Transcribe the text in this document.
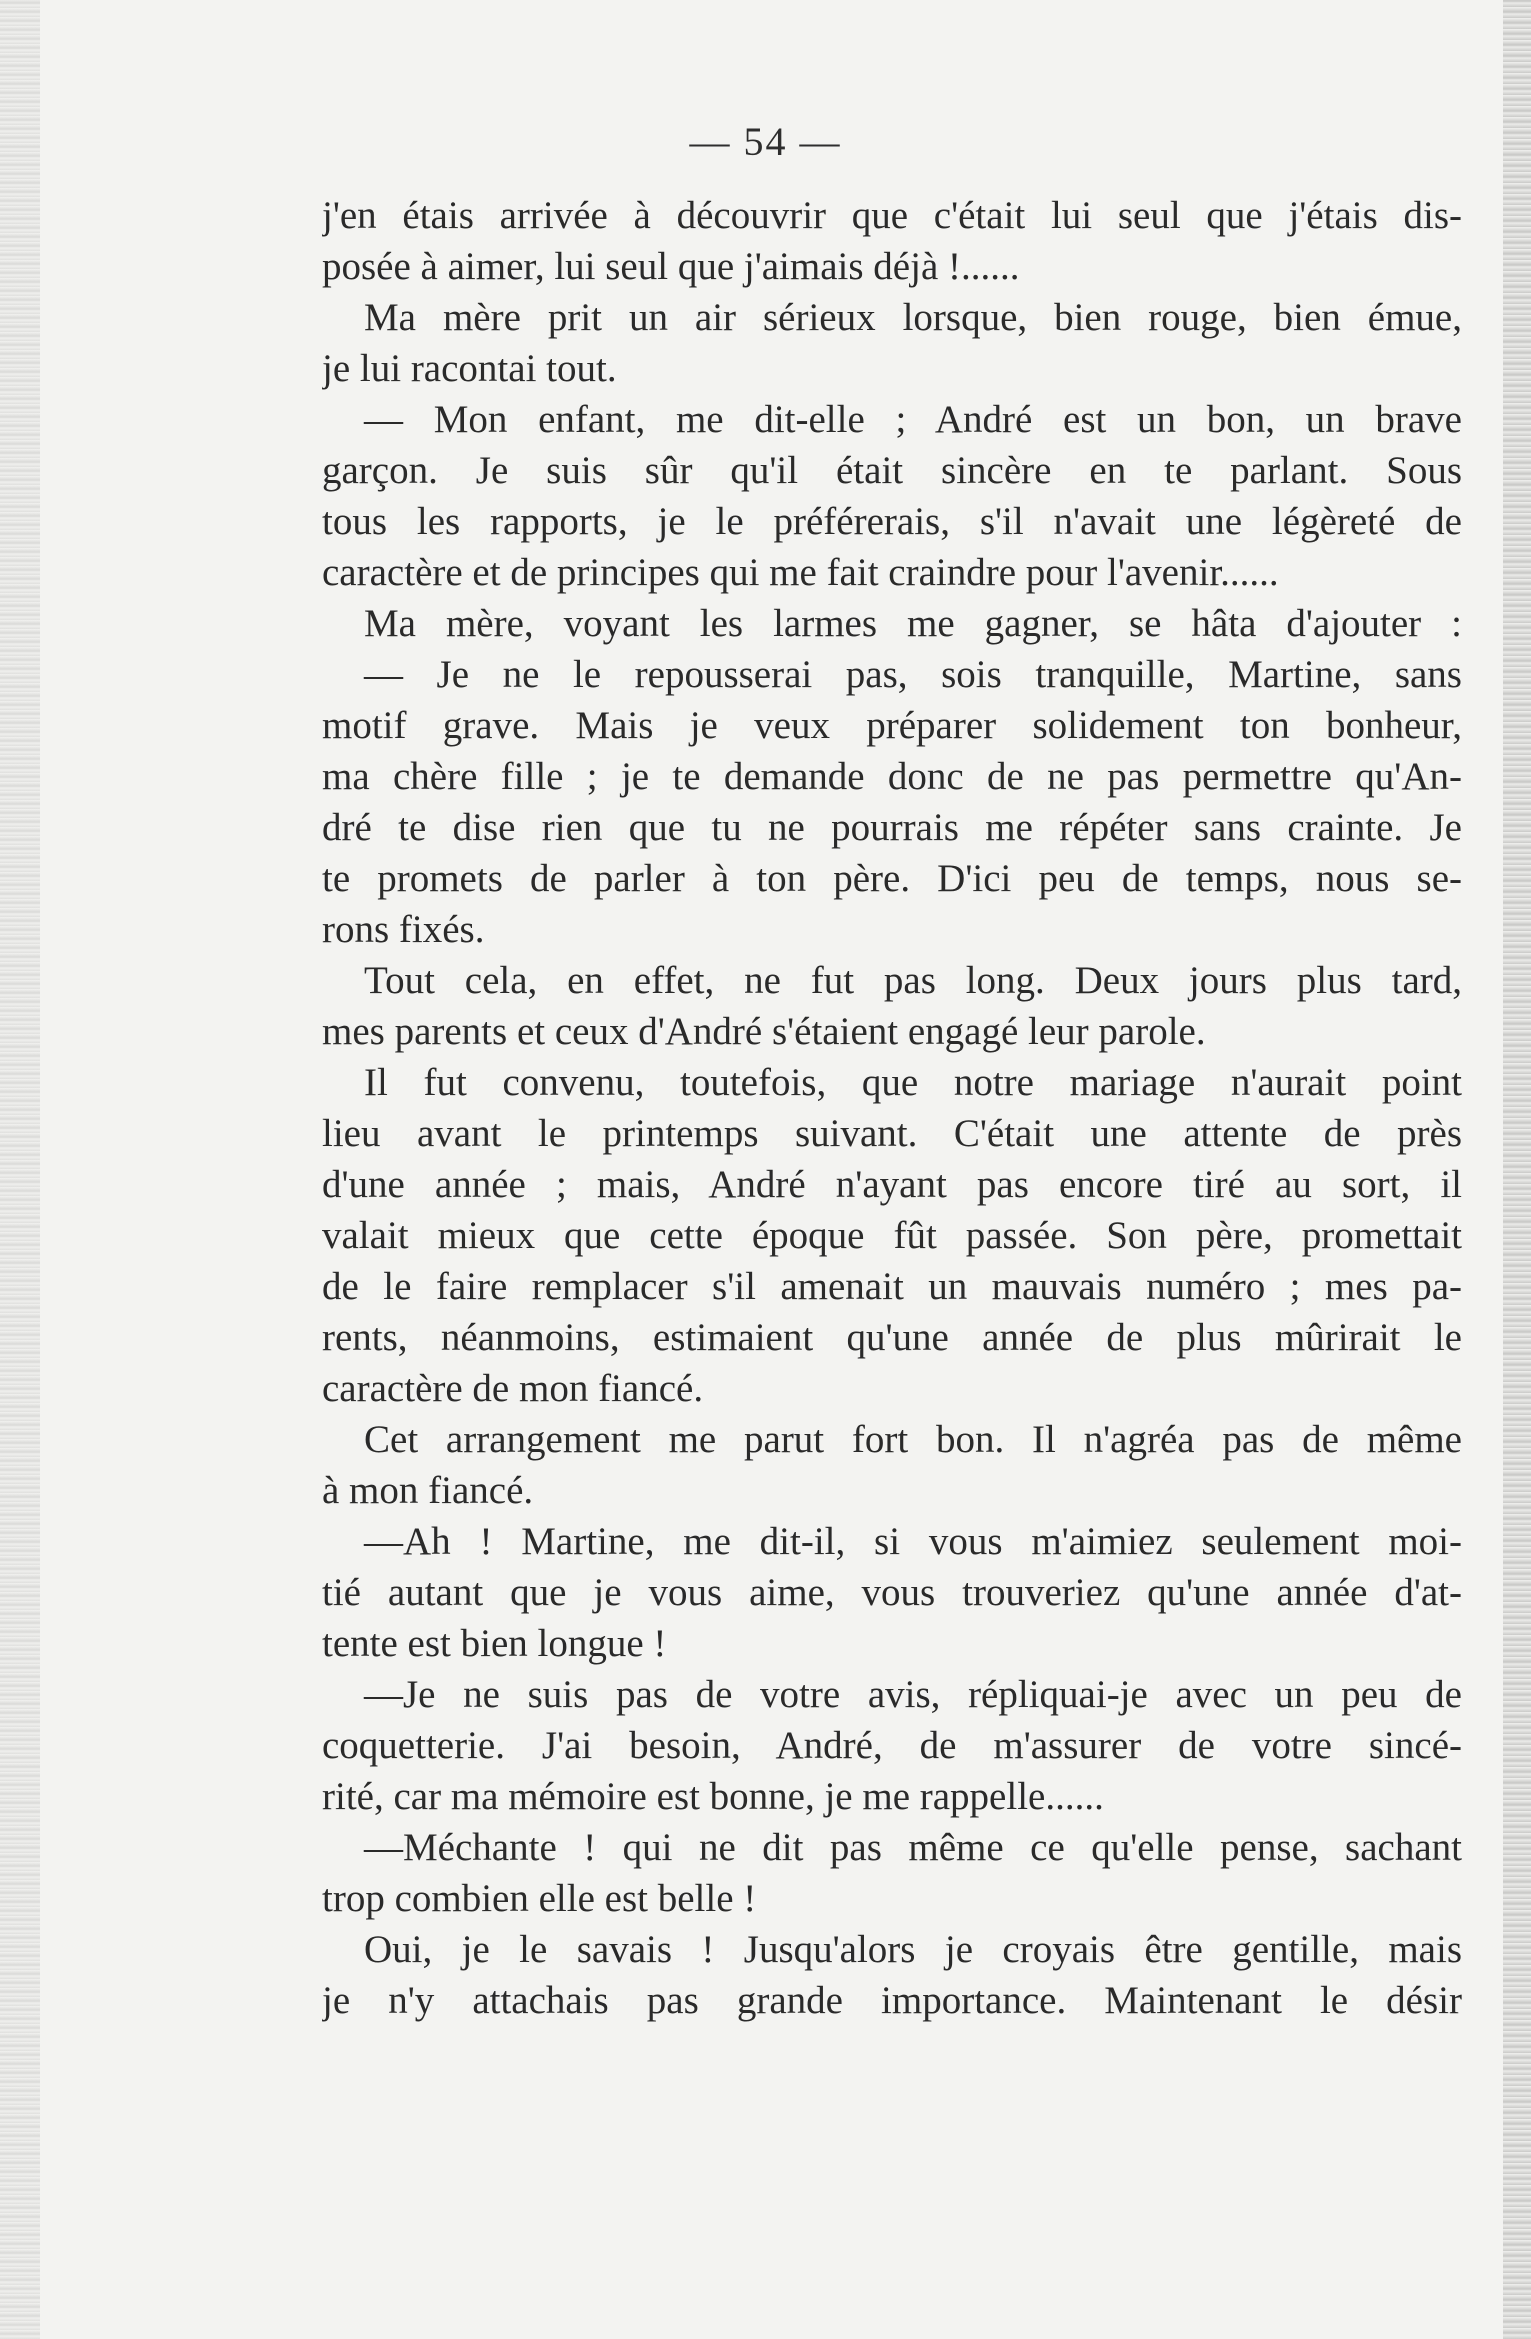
— 54 —
j'en étais arrivée à découvrir que c'était lui seul que j'étais dis-
posée à aimer, lui seul que j'aimais déjà !......
Ma mère prit un air sérieux lorsque, bien rouge, bien émue,
je lui racontai tout.
— Mon enfant, me dit-elle ; André est un bon, un brave
garçon. Je suis sûr qu'il était sincère en te parlant. Sous
tous les rapports, je le préférerais, s'il n'avait une légèreté de
caractère et de principes qui me fait craindre pour l'avenir......
Ma mère, voyant les larmes me gagner, se hâta d'ajouter :
— Je ne le repousserai pas, sois tranquille, Martine, sans
motif grave. Mais je veux préparer solidement ton bonheur,
ma chère fille ; je te demande donc de ne pas permettre qu'An-
dré te dise rien que tu ne pourrais me répéter sans crainte. Je
te promets de parler à ton père. D'ici peu de temps, nous se-
rons fixés.
Tout cela, en effet, ne fut pas long. Deux jours plus tard,
mes parents et ceux d'André s'étaient engagé leur parole.
Il fut convenu, toutefois, que notre mariage n'aurait point
lieu avant le printemps suivant. C'était une attente de près
d'une année ; mais, André n'ayant pas encore tiré au sort, il
valait mieux que cette époque fût passée. Son père, promettait
de le faire remplacer s'il amenait un mauvais numéro ; mes pa-
rents, néanmoins, estimaient qu'une année de plus mûrirait le
caractère de mon fiancé.
Cet arrangement me parut fort bon. Il n'agréa pas de même
à mon fiancé.
—Ah ! Martine, me dit-il, si vous m'aimiez seulement moi-
tié autant que je vous aime, vous trouveriez qu'une année d'at-
tente est bien longue !
—Je ne suis pas de votre avis, répliquai-je avec un peu de
coquetterie. J'ai besoin, André, de m'assurer de votre sincé-
rité, car ma mémoire est bonne, je me rappelle......
—Méchante ! qui ne dit pas même ce qu'elle pense, sachant
trop combien elle est belle !
Oui, je le savais ! Jusqu'alors je croyais être gentille, mais
je n'y attachais pas grande importance. Maintenant le désir
